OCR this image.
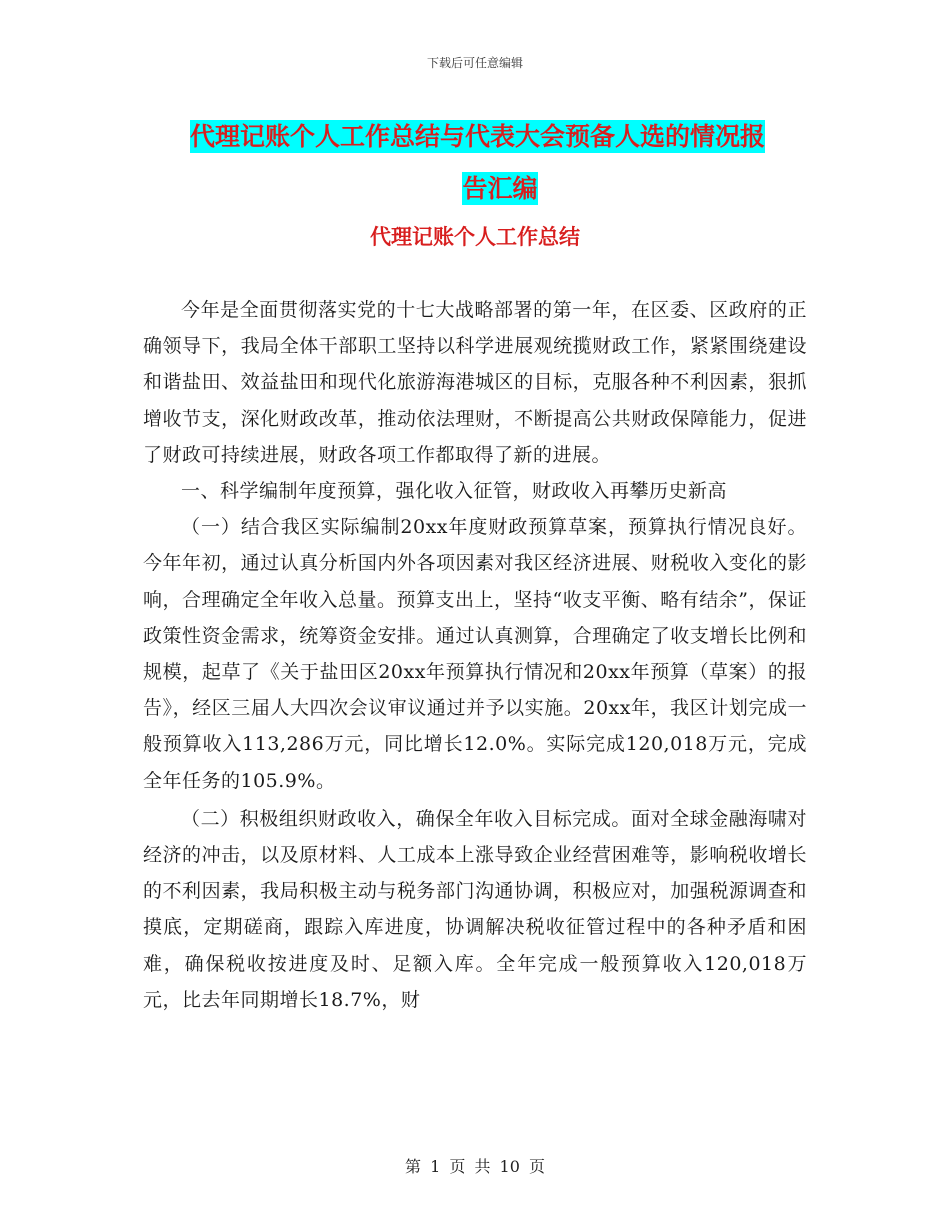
下载后可任意编辑
代理记账个人工作总结与代表大会预备人选的情况报
告汇编
代理记账个人工作总结

今年是全面贯彻落实党的十七大战略部署的第一年，在区委、区政府的正确领导下，我局全体干部职工坚持以科学进展观统揽财政工作，紧紧围绕建设和谐盐田、效益盐田和现代化旅游海港城区的目标，克服各种不利因素，狠抓增收节支，深化财政改革，推动依法理财，不断提高公共财政保障能力，促进了财政可持续进展，财政各项工作都取得了新的进展。

一、科学编制年度预算，强化收入征管，财政收入再攀历史新高

（一）结合我区实际编制20xx年度财政预算草案，预算执行情况良好。今年年初，通过认真分析国内外各项因素对我区经济进展、财税收入变化的影响，合理确定全年收入总量。预算支出上，坚持“收支平衡、略有结余”，保证政策性资金需求，统筹资金安排。通过认真测算，合理确定了收支增长比例和规模，起草了《关于盐田区20xx年预算执行情况和20xx年预算（草案）的报告》，经区三届人大四次会议审议通过并予以实施。20xx年，我区计划完成一般预算收入113,286万元，同比增长12.0%。实际完成120,018万元，完成全年任务的105.9%。

（二）积极组织财政收入，确保全年收入目标完成。面对全球金融海啸对经济的冲击，以及原材料、人工成本上涨导致企业经营困难等，影响税收增长的不利因素，我局积极主动与税务部门沟通协调，积极应对，加强税源调查和摸底，定期磋商，跟踪入库进度，协调解决税收征管过程中的各种矛盾和困难，确保税收按进度及时、足额入库。全年完成一般预算收入120,018万元，比去年同期增长18.7%，财

第 1 页 共 10 页
